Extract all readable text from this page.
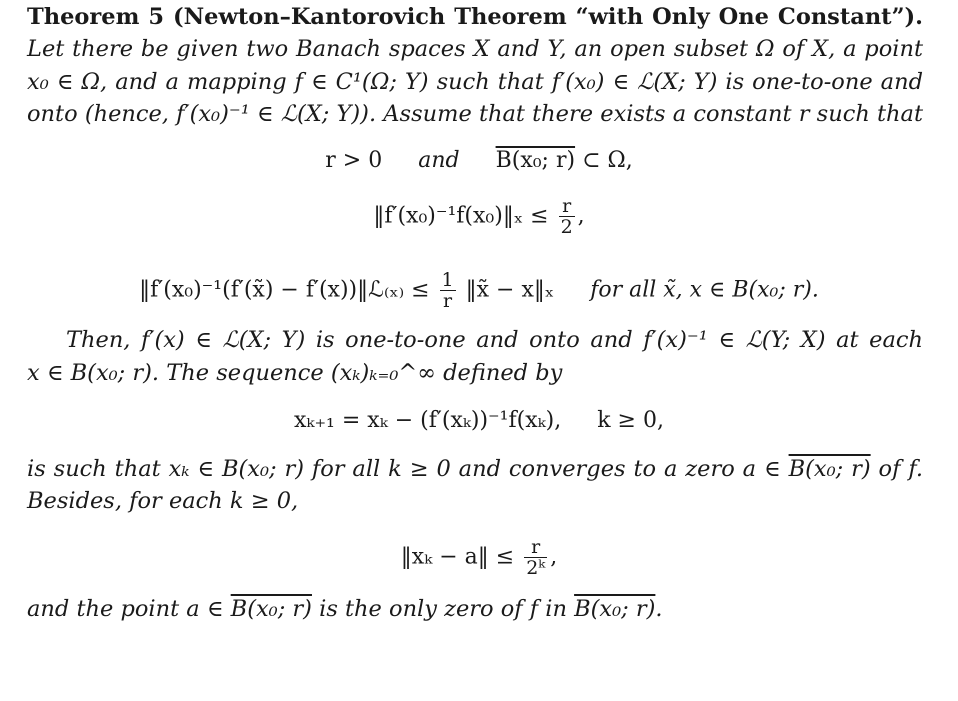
Theorem 5 (Newton–Kantorovich Theorem “with Only One Constant”).
Let there be given two Banach spaces X and Y, an open subset Ω of X, a point
x₀ ∈ Ω, and a mapping f ∈ C¹(Ω; Y) such that f′(x₀) ∈ ℒ(X; Y) is one-to-one and
onto (hence, f′(x₀)⁻¹ ∈ ℒ(X; Y)). Assume that there exists a constant r such that
r > 0 and B(x₀; r) ⊂ Ω,
‖f′(x₀)⁻¹f(x₀)‖ₓ ≤ $\frac{r}{2}$ ,
‖f′(x₀)⁻¹(f′(x̃) − f′(x))‖ℒ₍ₓ₎ ≤ $\frac{1}{r}$ ‖x̃ − x‖ₓ for all x̃, x ∈ B(x₀; r).
Then, f′(x) ∈ ℒ(X; Y) is one-to-one and onto and f′(x)⁻¹ ∈ ℒ(Y; X) at each
x ∈ B(x₀; r). The sequence (xₖ)ₖ₌₀^∞ defined by
xₖ₊₁ = xₖ − (f′(xₖ))⁻¹f(xₖ), k ≥ 0,
is such that xₖ ∈ B(x₀; r) for all k ≥ 0 and converges to a zero a ∈ B(x₀; r) of f.
Besides, for each k ≥ 0,
‖xₖ − a‖ ≤ $\frac{r}{\text{2ᵏ}}$ ,
and the point a ∈ B(x₀; r) is the only zero of f in B(x₀; r).
